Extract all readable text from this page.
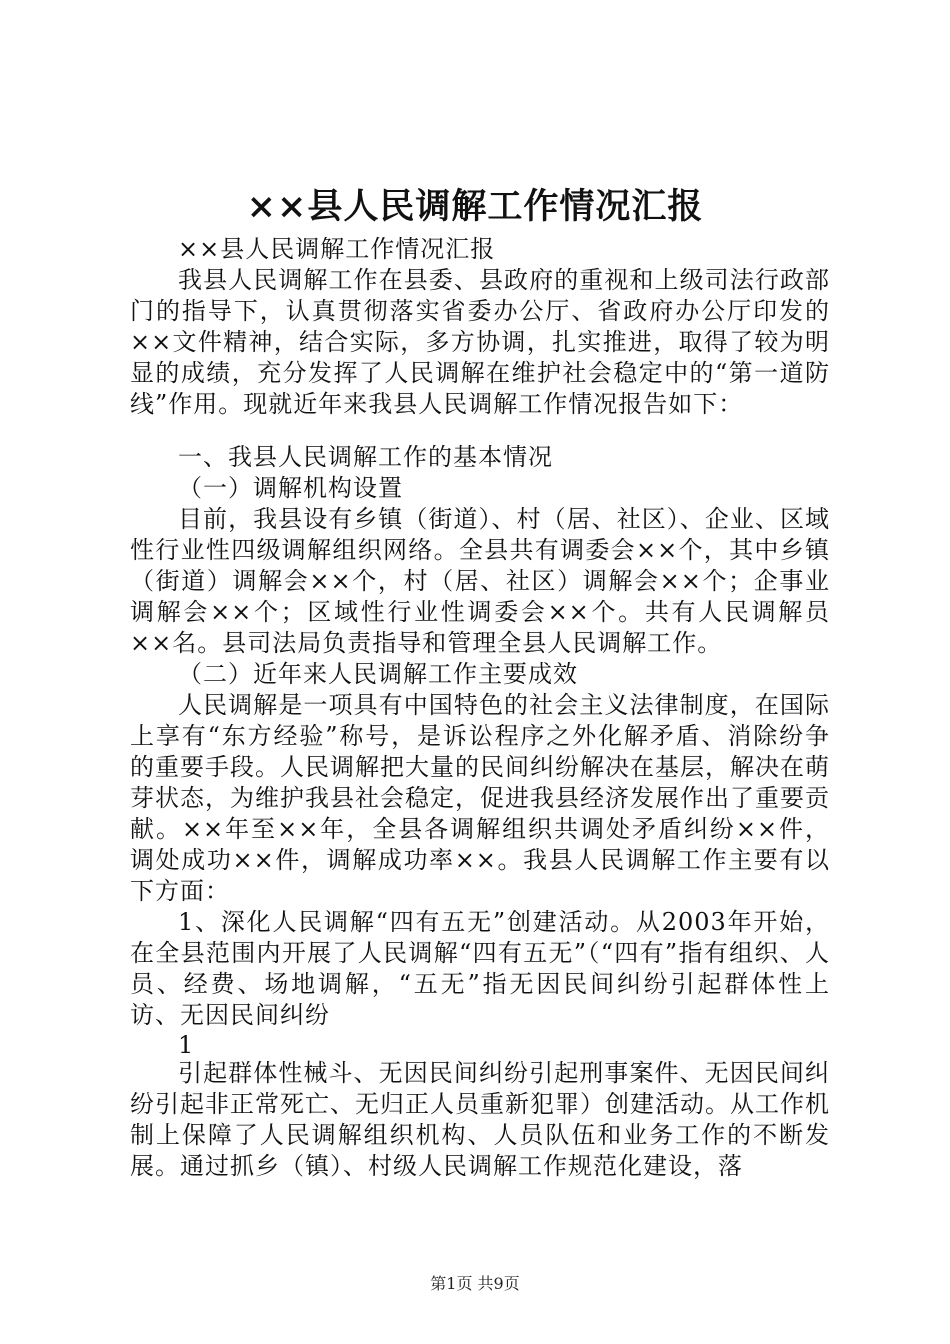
××县人民调解工作情况汇报

××县人民调解工作情况汇报

我县人民调解工作在县委、县政府的重视和上级司法行政部门的指导下，认真贯彻落实省委办公厅、省政府办公厅印发的××文件精神，结合实际，多方协调，扎实推进，取得了较为明显的成绩，充分发挥了人民调解在维护社会稳定中的“第一道防线”作用。现就近年来我县人民调解工作情况报告如下：

一、我县人民调解工作的基本情况

（一）调解机构设置

目前，我县设有乡镇（街道）、村（居、社区）、企业、区域性行业性四级调解组织网络。全县共有调委会××个，其中乡镇（街道）调解会××个，村（居、社区）调解会××个；企事业调解会××个；区域性行业性调委会××个。共有人民调解员××名。县司法局负责指导和管理全县人民调解工作。

（二）近年来人民调解工作主要成效

人民调解是一项具有中国特色的社会主义法律制度，在国际上享有“东方经验”称号，是诉讼程序之外化解矛盾、消除纷争的重要手段。人民调解把大量的民间纠纷解决在基层，解决在萌芽状态，为维护我县社会稳定，促进我县经济发展作出了重要贡献。××年至××年，全县各调解组织共调处矛盾纠纷××件，调处成功××件，调解成功率××。我县人民调解工作主要有以下方面：

1、深化人民调解“四有五无”创建活动。从2003年开始，在全县范围内开展了人民调解“四有五无”（“四有”指有组织、人员、经费、场地调解，“五无”指无因民间纠纷引起群体性上访、无因民间纠纷

1

引起群体性械斗、无因民间纠纷引起刑事案件、无因民间纠纷引起非正常死亡、无归正人员重新犯罪）创建活动。从工作机制上保障了人民调解组织机构、人员队伍和业务工作的不断发展。通过抓乡（镇）、村级人民调解工作规范化建设，落

第1页 共9页
